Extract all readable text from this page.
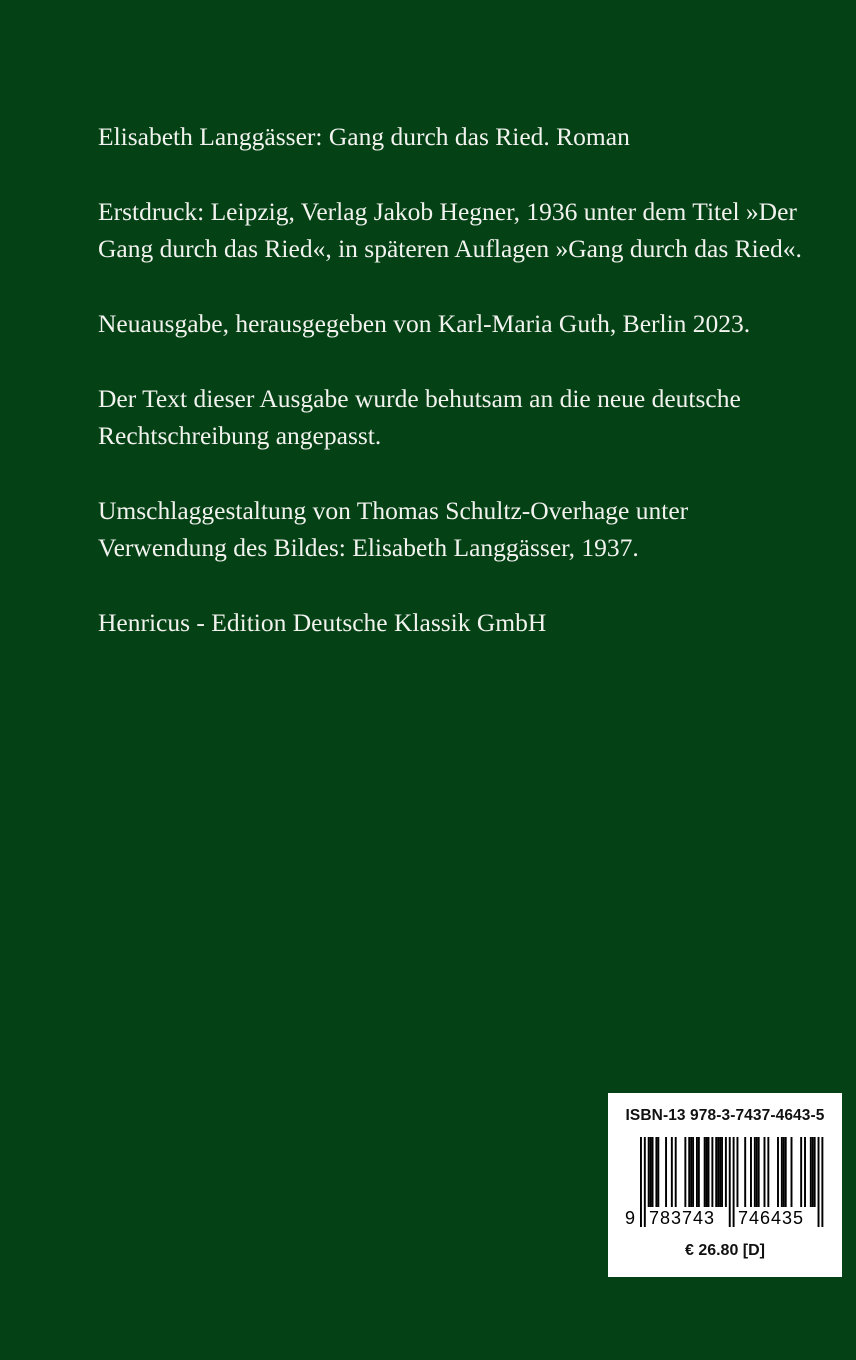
Elisabeth Langgässer: Gang durch das Ried. Roman

Erstdruck: Leipzig, Verlag Jakob Hegner, 1936 unter dem Titel »Der Gang durch das Ried«, in späteren Auflagen »Gang durch das Ried«.

Neuausgabe, herausgegeben von Karl-Maria Guth, Berlin 2023.

Der Text dieser Ausgabe wurde behutsam an die neue deutsche Rechtschreibung angepasst.

Umschlaggestaltung von Thomas Schultz-Overhage unter Verwendung des Bildes: Elisabeth Langgässer, 1937.

Henricus - Edition Deutsche Klassik GmbH

ISBN-13 978-3-7437-4643-5
9 783743 746435
€ 26.80 [D]
